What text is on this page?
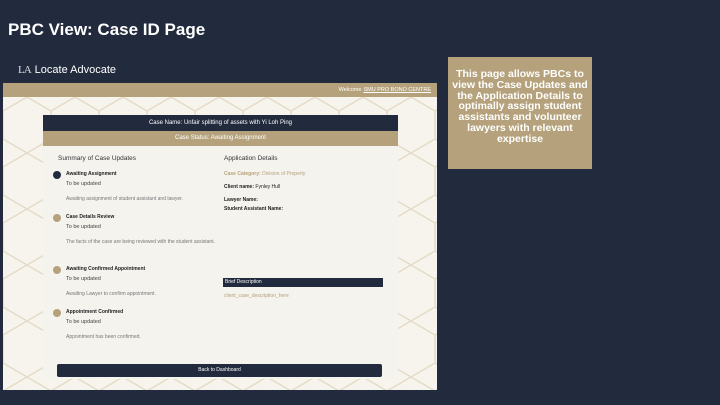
PBC View: Case ID Page
LA Locate Advocate
Welcome SMU PRO BONO CENTRE
Case Name: Unfair splitting of assets with Yi Loh Ping
Case Status: Awaiting Assignment
Summary of Case Updates
Awaiting Assignment
To be updated
Awaiting assignment of student assistant and lawyer.
Case Details Review
To be updated
The facts of the case are being reviewed with the student assistant.
Awaiting Confirmed Appointment
To be updated
Awaiting Lawyer to confirm appointment.
Appointment Confirmed
To be updated
Appointment has been confirmed.
Application Details
Case Category: Division of Property
Client name: Fynley Hull
Lawyer Name:
Student Assistant Name:
Brief Description
client_case_description_here
Back to Dashboard
This page allows PBCs to view the Case Updates and the Application Details to optimally assign student assistants and volunteer lawyers with relevant expertise
